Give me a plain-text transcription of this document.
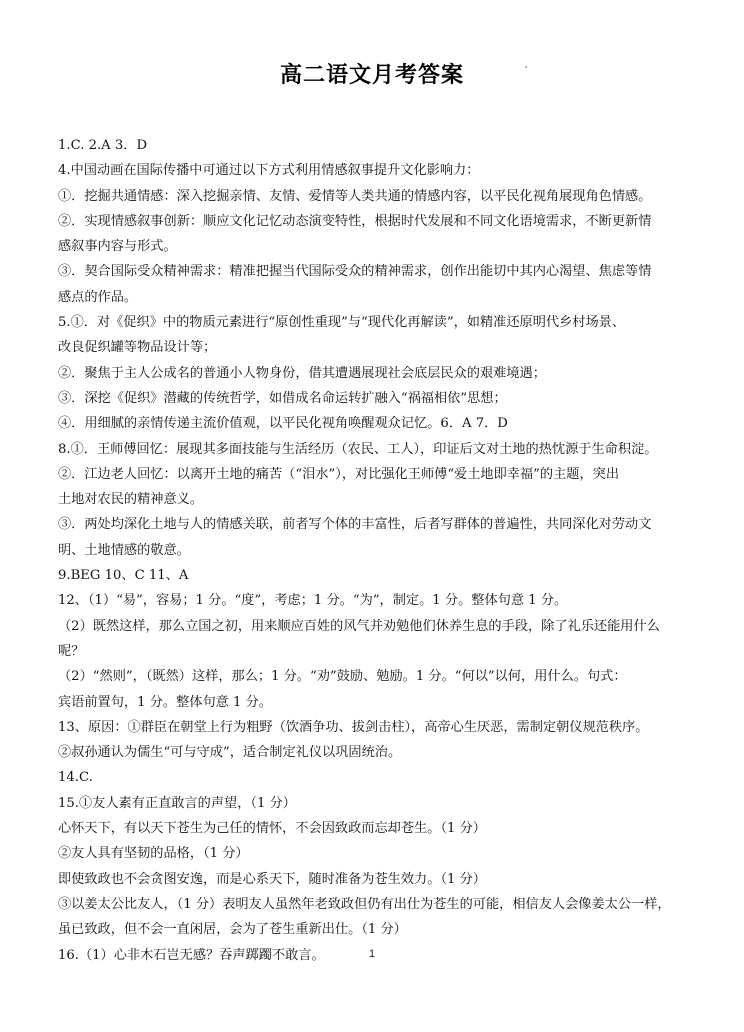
高二语文月考答案
1.C. 2.A 3．D
4.中国动画在国际传播中可通过以下方式利用情感叙事提升文化影响力：
①．挖掘共通情感：深入挖掘亲情、友情、爱情等人类共通的情感内容，以平民化视角展现角色情感。
②．实现情感叙事创新：顺应文化记忆动态演变特性，根据时代发展和不同文化语境需求，不断更新情
感叙事内容与形式。
③．契合国际受众精神需求：精准把握当代国际受众的精神需求，创作出能切中其内心渴望、焦虑等情
感点的作品。
5.①．对《促织》中的物质元素进行“原创性重现”与“现代化再解读”，如精准还原明代乡村场景、
改良促织罐等物品设计等；
②．聚焦于主人公成名的普通小人物身份，借其遭遇展现社会底层民众的艰难境遇；
③．深挖《促织》潜藏的传统哲学，如借成名命运转扩融入“祸福相依”思想；
④．用细腻的亲情传递主流价值观，以平民化视角唤醒观众记忆。6．A 7．D
8.①．王师傅回忆：展现其多面技能与生活经历（农民、工人），印证后文对土地的热忱源于生命积淀。
②．江边老人回忆：以离开土地的痛苦（“泪水”），对比强化王师傅“爱土地即幸福”的主题，突出
土地对农民的精神意义。
③．两处均深化土地与人的情感关联，前者写个体的丰富性，后者写群体的普遍性，共同深化对劳动文
明、土地情感的敬意。
9.BEG 10、C 11、A
12、（1）“易”，容易；1 分。“度”，考虑；1 分。“为”，制定。1 分。整体句意 1 分。
（2）既然这样，那么立国之初，用来顺应百姓的风气并劝勉他们休养生息的手段，除了礼乐还能用什么
呢？
（2）“然则”，（既然）这样，那么；1 分。“劝”鼓励、勉励。1 分。“何以”以何，用什么。句式：
宾语前置句，1 分。整体句意 1 分。
13、原因：①群臣在朝堂上行为粗野（饮酒争功、拔剑击柱），高帝心生厌恶，需制定朝仪规范秩序。
②叔孙通认为儒生“可与守成”，适合制定礼仪以巩固统治。
14.C.
15.①友人素有正直敢言的声望，（1 分）
心怀天下，有以天下苍生为己任的情怀，不会因致政而忘却苍生。（1 分）
②友人具有坚韧的品格，（1 分）
即使致政也不会贪图安逸，而是心系天下，随时准备为苍生效力。（1 分）
③以姜太公比友人，（1 分）表明友人虽然年老致政但仍有出仕为苍生的可能，相信友人会像姜太公一样，
虽已致政，但不会一直闲居，会为了苍生重新出仕。（1 分）
16.（1）心非木石岂无感？吞声踯躅不敢言。	1
